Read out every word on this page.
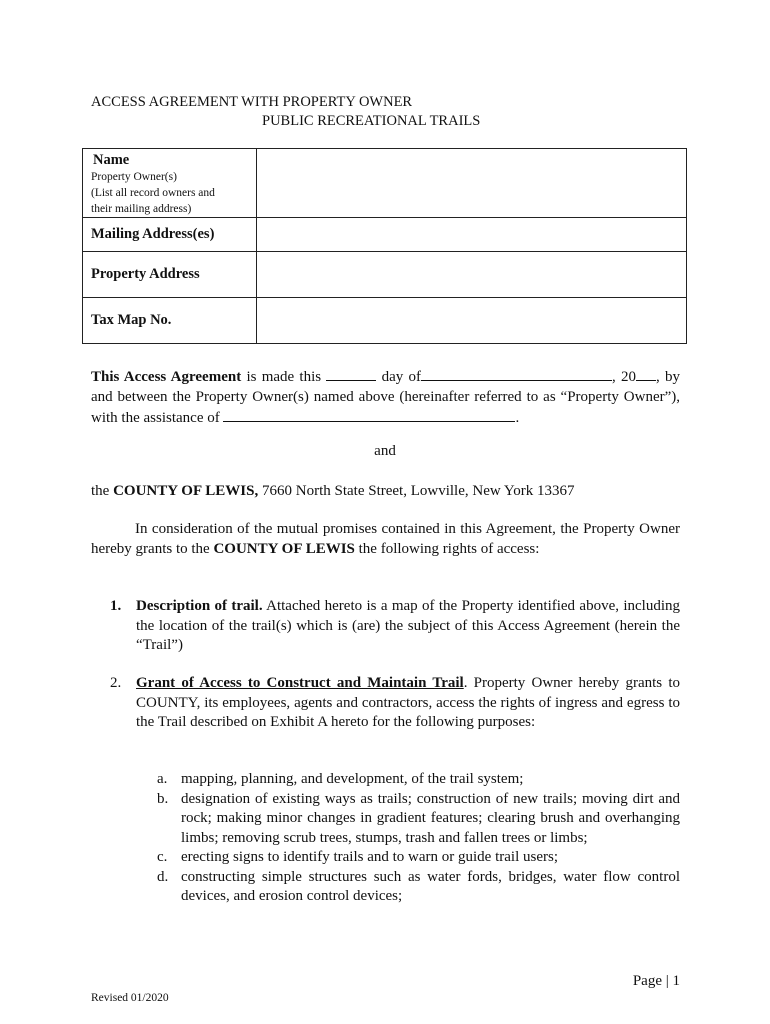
ACCESS AGREEMENT WITH PROPERTY OWNER
PUBLIC RECREATIONAL TRAILS
Name
Property Owner(s)
(List all record owners and
their mailing address)	

Mailing Address(es)	

Property Address	

Tax Map No.	

This Access Agreement is made this	day of	, 20 , by and between the Property Owner(s) named above (hereinafter referred to as “Property Owner”), with the assistance of	.
and
the COUNTY OF LEWIS, 7660 North State Street, Lowville, New York 13367
In consideration of the mutual promises contained in this Agreement, the Property Owner hereby grants to the COUNTY OF LEWIS the following rights of access:
1. Description of trail. Attached hereto is a map of the Property identified above, including the location of the trail(s) which is (are) the subject of this Access Agreement (herein the “Trail”)
2. Grant of Access to Construct and Maintain Trail. Property Owner hereby grants to COUNTY, its employees, agents and contractors, access the rights of ingress and egress to the Trail described on Exhibit A hereto for the following purposes:
a. mapping, planning, and development, of the trail system;
b. designation of existing ways as trails; construction of new trails; moving dirt and rock; making minor changes in gradient features; clearing brush and overhanging limbs; removing scrub trees, stumps, trash and fallen trees or limbs;
c. erecting signs to identify trails and to warn or guide trail users;
d. constructing simple structures such as water fords, bridges, water flow control devices, and erosion control devices;
Page | 1
Revised 01/2020
